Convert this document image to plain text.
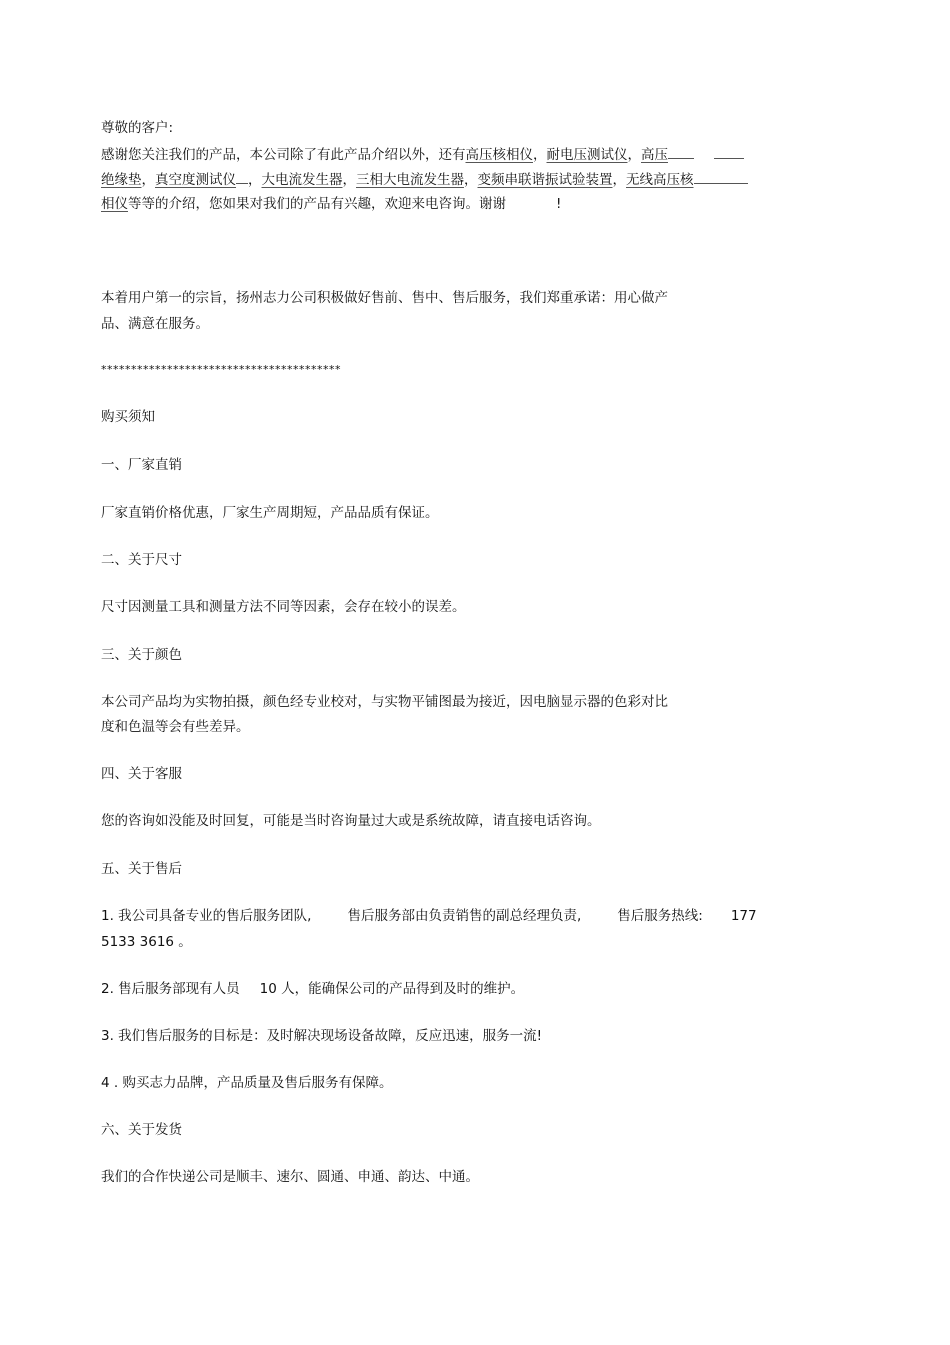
尊敬的客户:
感谢您关注我们的产品，本公司除了有此产品介绍以外，还有高压核相仪，耐电压测试仪，高压
绝缘垫，真空度测试仪 ，大电流发生器，三相大电流发生器，变频串联谐振试验装置，无线高压核
相仪等等的介绍，您如果对我们的产品有兴趣，欢迎来电咨询。谢谢	!
本着用户第一的宗旨，扬州志力公司积极做好售前、售中、售后服务，我们郑重承诺：用心做产
品、满意在服务。
****************************************
购买须知
一、厂家直销
厂家直销价格优惠，厂家生产周期短，产品品质有保证。
二、关于尺寸
尺寸因测量工具和测量方法不同等因素，会存在较小的误差。
三、关于颜色
本公司产品均为实物拍摄，颜色经专业校对，与实物平铺图最为接近，因电脑显示器的色彩对比
度和色温等会有些差异。
四、关于客服
您的咨询如没能及时回复，可能是当时咨询量过大或是系统故障，请直接电话咨询。
五、关于售后
1. 我公司具备专业的售后服务团队,	售后服务部由负责销售的副总经理负责,	售后服务热线: 177
5133 3616 。
2. 售后服务部现有人员 10 人，能确保公司的产品得到及时的维护。
3. 我们售后服务的目标是：及时解决现场设备故障，反应迅速，服务一流!
4 . 购买志力品牌，产品质量及售后服务有保障。
六、关于发货
我们的合作快递公司是顺丰、速尔、圆通、申通、韵达、中通。
